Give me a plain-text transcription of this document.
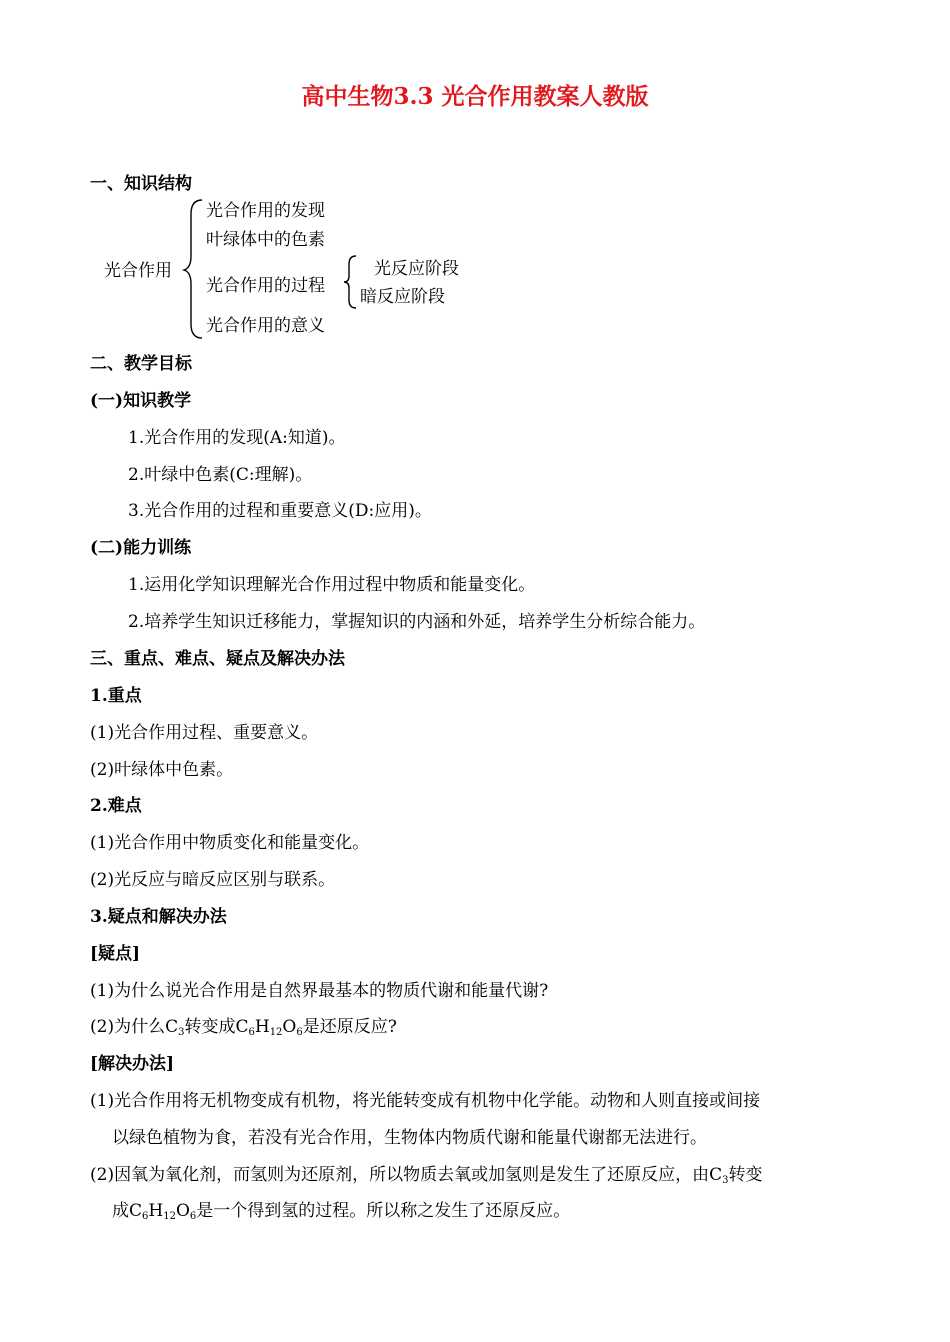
高中生物3.3 光合作用教案人教版
一、知识结构
光合作用
光合作用的发现
叶绿体中的色素
光合作用的过程
光合作用的意义
光反应阶段
暗反应阶段
二、教学目标
(一)知识教学
1.光合作用的发现(A:知道)。
2.叶绿中色素(C:理解)。
3.光合作用的过程和重要意义(D:应用)。
(二)能力训练
1.运用化学知识理解光合作用过程中物质和能量变化。
2.培养学生知识迁移能力，掌握知识的内涵和外延，培养学生分析综合能力。
三、重点、难点、疑点及解决办法
1.重点
(1)光合作用过程、重要意义。
(2)叶绿体中色素。
2.难点
(1)光合作用中物质变化和能量变化。
(2)光反应与暗反应区别与联系。
3.疑点和解决办法
[疑点]
(1)为什么说光合作用是自然界最基本的物质代谢和能量代谢?
(2)为什么$C_3$转变成$C_6H_{12}O_6$是还原反应?
[解决办法]
(1)光合作用将无机物变成有机物，将光能转变成有机物中化学能。动物和人则直接或间接
以绿色植物为食，若没有光合作用，生物体内物质代谢和能量代谢都无法进行。
(2)因氧为氧化剂，而氢则为还原剂，所以物质去氧或加氢则是发生了还原反应，由$C_3$转变
成$C_6H_{12}O_6$是一个得到氢的过程。所以称之发生了还原反应。
